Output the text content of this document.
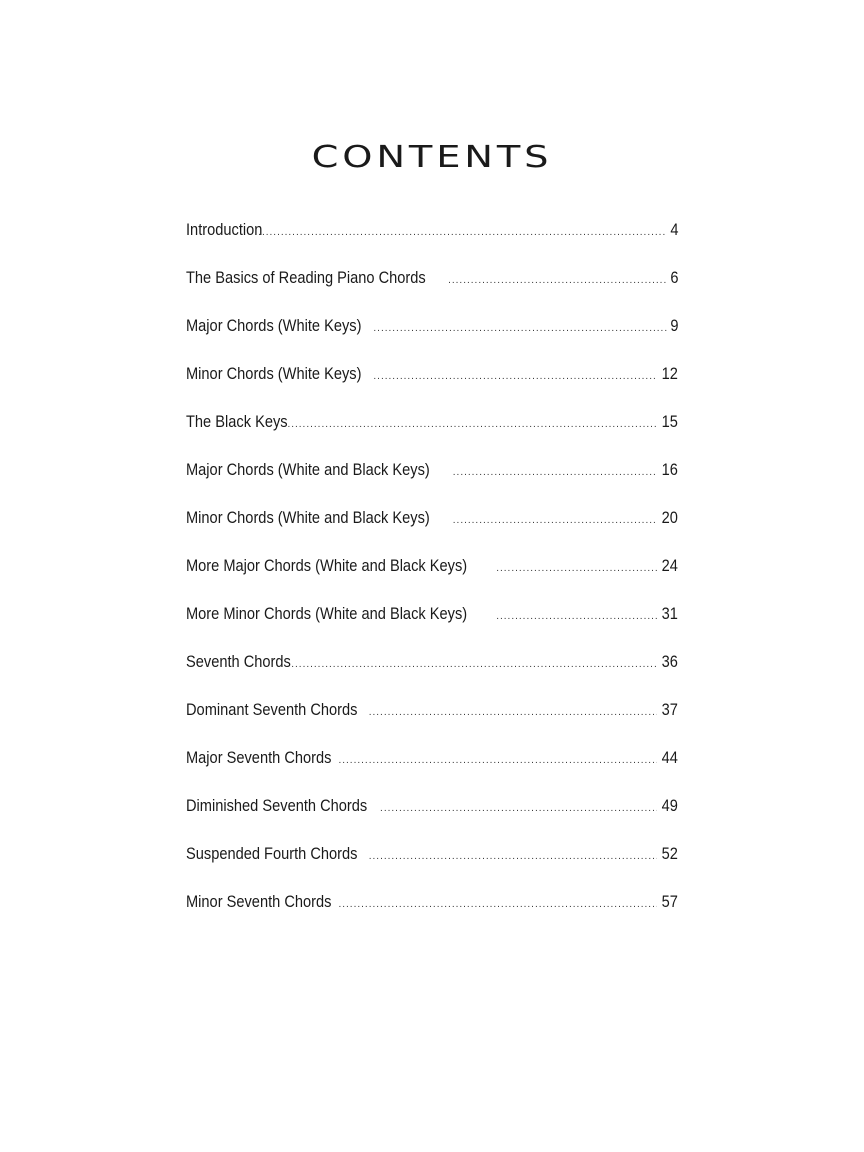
CONTENTS
Introduction .....	4
The Basics of Reading Piano Chords .....	6
Major Chords (White Keys) .....	9
Minor Chords (White Keys) .....	12
The Black Keys .....	15
Major Chords (White and Black Keys) .....	16
Minor Chords (White and Black Keys) .....	20
More Major Chords (White and Black Keys) .....	24
More Minor Chords (White and Black Keys) .....	31
Seventh Chords .....	36
Dominant Seventh Chords .....	37
Major Seventh Chords .....	44
Diminished Seventh Chords .....	49
Suspended Fourth Chords .....	52
Minor Seventh Chords .....	57
